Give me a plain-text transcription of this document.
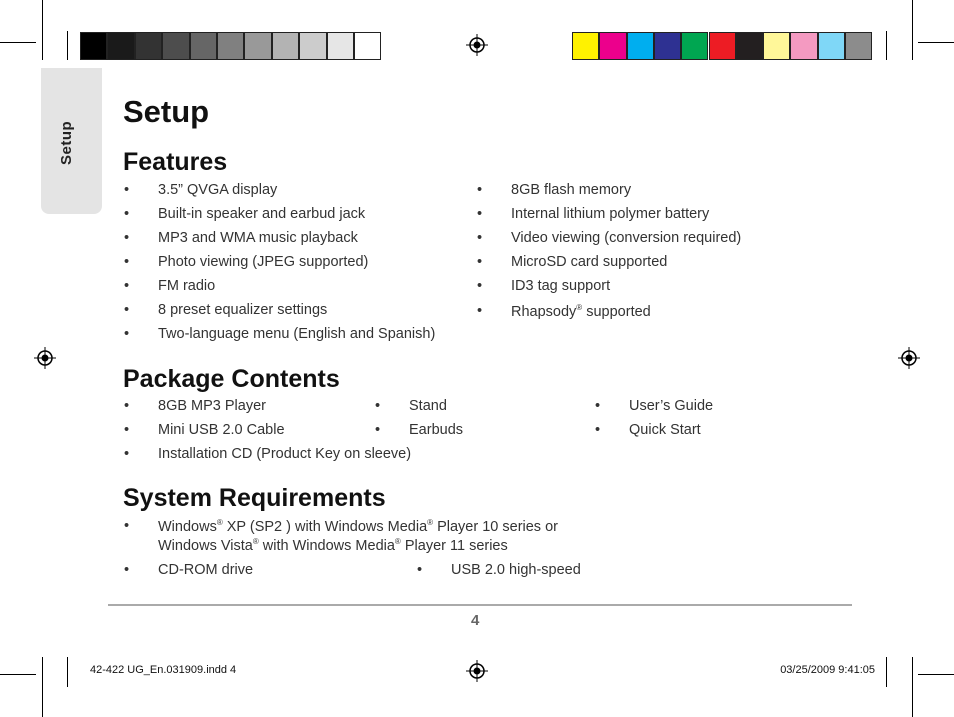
Setup
Setup
Features
• 3.5” QVGA display
• Built-in speaker and earbud jack
• MP3 and WMA music playback
• Photo viewing (JPEG supported)
• FM radio
• 8 preset equalizer settings
• Two-language menu (English and Spanish)
• 8GB flash memory
• Internal lithium polymer battery
• Video viewing (conversion required)
• MicroSD card supported
• ID3 tag support
• Rhapsody® supported
Package Contents
• 8GB MP3 Player
• Mini USB 2.0 Cable
• Installation CD (Product Key on sleeve)
• Stand
• Earbuds
• User’s Guide
• Quick Start
System Requirements
• Windows® XP (SP2 ) with Windows Media® Player 10 series or
Windows Vista® with Windows Media® Player 11 series
• CD-ROM drive	• USB 2.0 high-speed
4
42-422 UG_En.031909.indd 4	03/25/2009 9:41:05
